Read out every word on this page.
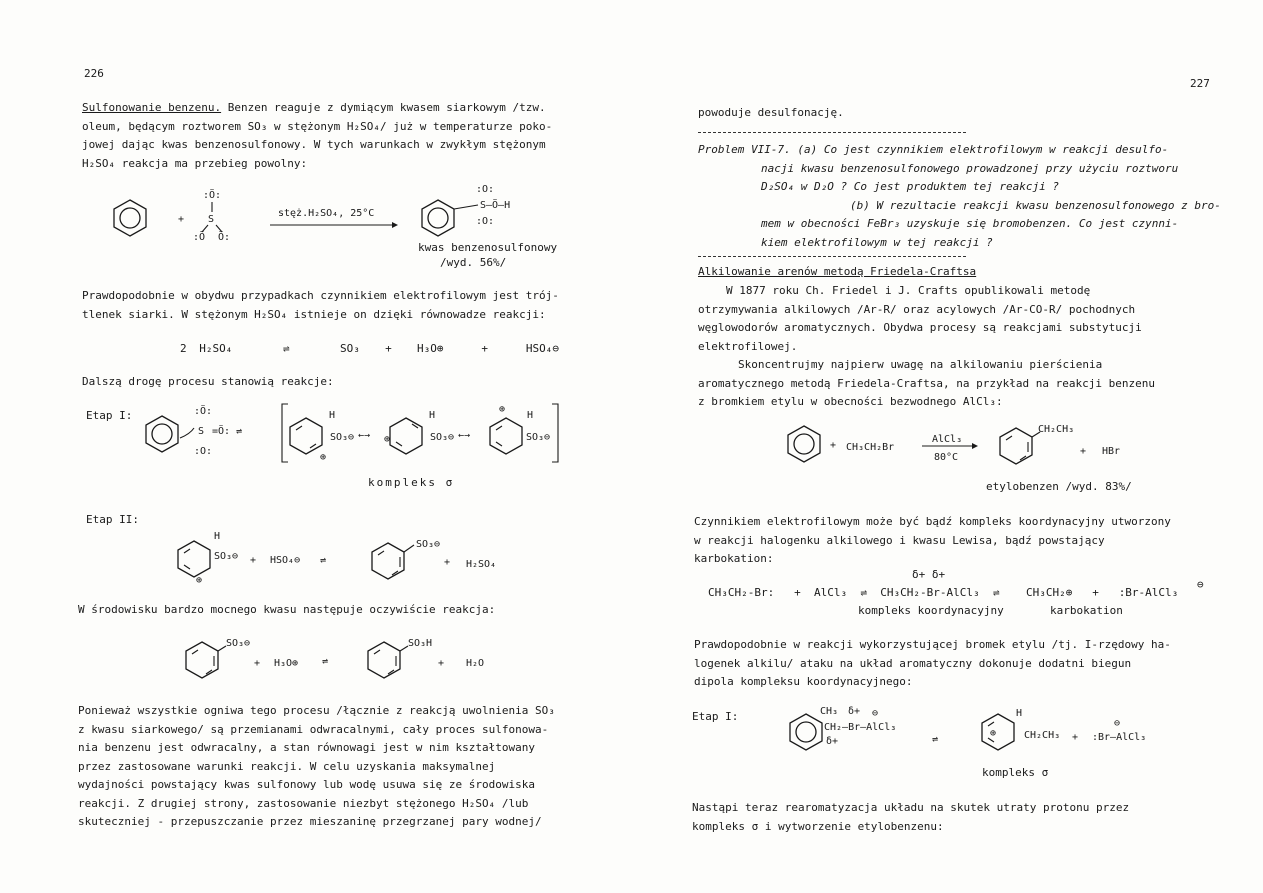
226
Sulfonowanie benzenu. Benzen reaguje z dymiącym kwasem siarkowym /tzw.
oleum, będącym roztworem SO₃ w stężonym H₂SO₄/ już w temperaturze poko-
jowej dając kwas benzenosulfonowy. W tych warunkach w zwykłym stężonym
H₂SO₄ reakcja ma przebieg powolny:
+
:Ö:
S
:Ö Ö:
stęż.H₂SO₄, 25°C
:O:
S–Ö–H
:O:
kwas benzenosulfonowy
/wyd. 56%/
Prawdopodobnie w obydwu przypadkach czynnikiem elektrofilowym jest trój-
tlenek siarki. W stężonym H₂SO₄ istnieje on dzięki równowadze reakcji:
2 H₂SO₄	⇌	SO₃ + H₃O⊕	+	HSO₄⊖
Dalszą drogę procesu stanowią reakcje:
Etap I:	:Ö:
S =Ö:
:O:
⇌
H
SO₃⊖
⊕
←→
H
SO₃⊖
⊕	←→
⊕
H
SO₃⊖
kompleks σ
Etap II:
H
SO₃⊖
⊕
+ HSO₄⊖ ⇌
SO₃⊖
+ H₂SO₄
W środowisku bardzo mocnego kwasu następuje oczywiście reakcja:
SO₃⊖
+ H₃O⊕ ⇌
SO₃H
+ H₂O
Ponieważ wszystkie ogniwa tego procesu /łącznie z reakcją uwolnienia SO₃
z kwasu siarkowego/ są przemianami odwracalnymi, cały proces sulfonowa-
nia benzenu jest odwracalny, a stan równowagi jest w nim kształtowany
przez zastosowane warunki reakcji. W celu uzyskania maksymalnej
wydajności powstający kwas sulfonowy lub wodę usuwa się ze środowiska
reakcji. Z drugiej strony, zastosowanie niezbyt stężonego H₂SO₄ /lub
skuteczniej - przepuszczanie przez mieszaninę przegrzanej pary wodnej/
227
powoduje desulfonację.
Problem VII-7. (a) Co jest czynnikiem elektrofilowym w reakcji desulfo-
nacji kwasu benzenosulfonowego prowadzonej przy użyciu roztworu
D₂SO₄ w D₂O ? Co jest produktem tej reakcji ?
(b) W rezultacie reakcji kwasu benzenosulfonowego z bro-
mem w obecności FeBr₃ uzyskuje się bromobenzen. Co jest czynni-
kiem elektrofilowym w tej reakcji ?
Alkilowanie arenów metodą Friedela-Craftsa
W 1877 roku Ch. Friedel i J. Crafts opublikowali metodę
otrzymywania alkilowych /Ar-R/ oraz acylowych /Ar-CO-R/ pochodnych
węglowodorów aromatycznych. Obydwa procesy są reakcjami substytucji
elektrofilowej.
Skoncentrujmy najpierw uwagę na alkilowaniu pierścienia
aromatycznego metodą Friedela-Craftsa, na przykład na reakcji benzenu
z bromkiem etylu w obecności bezwodnego AlCl₃:
+ CH₃CH₂Br
AlCl₃
80°C
CH₂CH₃
+ HBr
etylobenzen /wyd. 83%/
Czynnikiem elektrofilowym może być bądź kompleks koordynacyjny utworzony
w reakcji halogenku alkilowego i kwasu Lewisa, bądź powstający
karbokation:
δ+ δ+
⊖
CH₃CH₂-Br: + AlCl₃ ⇌ CH₃CH₂-Br-AlCl₃ ⇌ CH₃CH₂⊕ + :Br-AlCl₃
kompleks koordynacyjny	karbokation
Prawdopodobnie w reakcji wykorzystującej bromek etylu /tj. I-rzędowy ha-
logenek alkilu/ ataku na układ aromatyczny dokonuje dodatni biegun
dipola kompleksu koordynacyjnego:
Etap I:	CH₃ δ+ ⊖
CH₂–Br–AlCl₃
δ+	⇌
⊕
H
CH₂CH₃ +
⊖
:Br–AlCl₃
kompleks σ
Nastąpi teraz rearomatyzacja układu na skutek utraty protonu przez
kompleks σ i wytworzenie etylobenzenu:
